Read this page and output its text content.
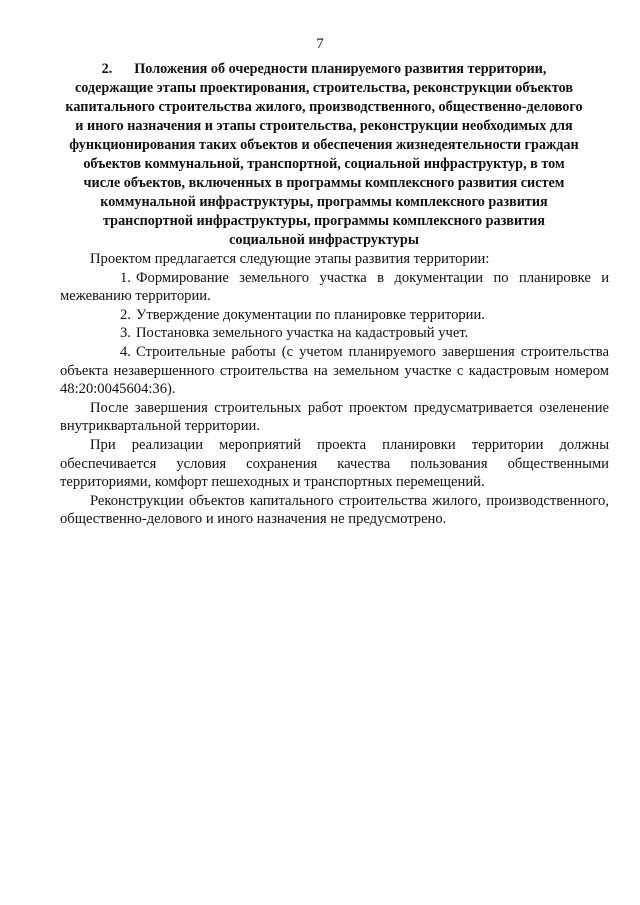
7
2. Положения об очередности планируемого развития территории, содержащие этапы проектирования, строительства, реконструкции объектов капитального строительства жилого, производственного, общественно-делового и иного назначения и этапы строительства, реконструкции необходимых для функционирования таких объектов и обеспечения жизнедеятельности граждан объектов коммунальной, транспортной, социальной инфраструктур, в том числе объектов, включенных в программы комплексного развития систем коммунальной инфраструктуры, программы комплексного развития транспортной инфраструктуры, программы комплексного развития социальной инфраструктуры

Проектом предлагается следующие этапы развития территории:

1. Формирование земельного участка в документации по планировке и межеванию территории.

2. Утверждение документации по планировке территории.

3. Постановка земельного участка на кадастровый учет.

4. Строительные работы (с учетом планируемого завершения строительства объекта незавершенного строительства на земельном участке с кадастровым номером 48:20:0045604:36).

После завершения строительных работ проектом предусматривается озеленение внутриквартальной территории.

При реализации мероприятий проекта планировки территории должны обеспечивается условия сохранения качества пользования общественными территориями, комфорт пешеходных и транспортных перемещений.

Реконструкции объектов капитального строительства жилого, производственного, общественно-делового и иного назначения не предусмотрено.
